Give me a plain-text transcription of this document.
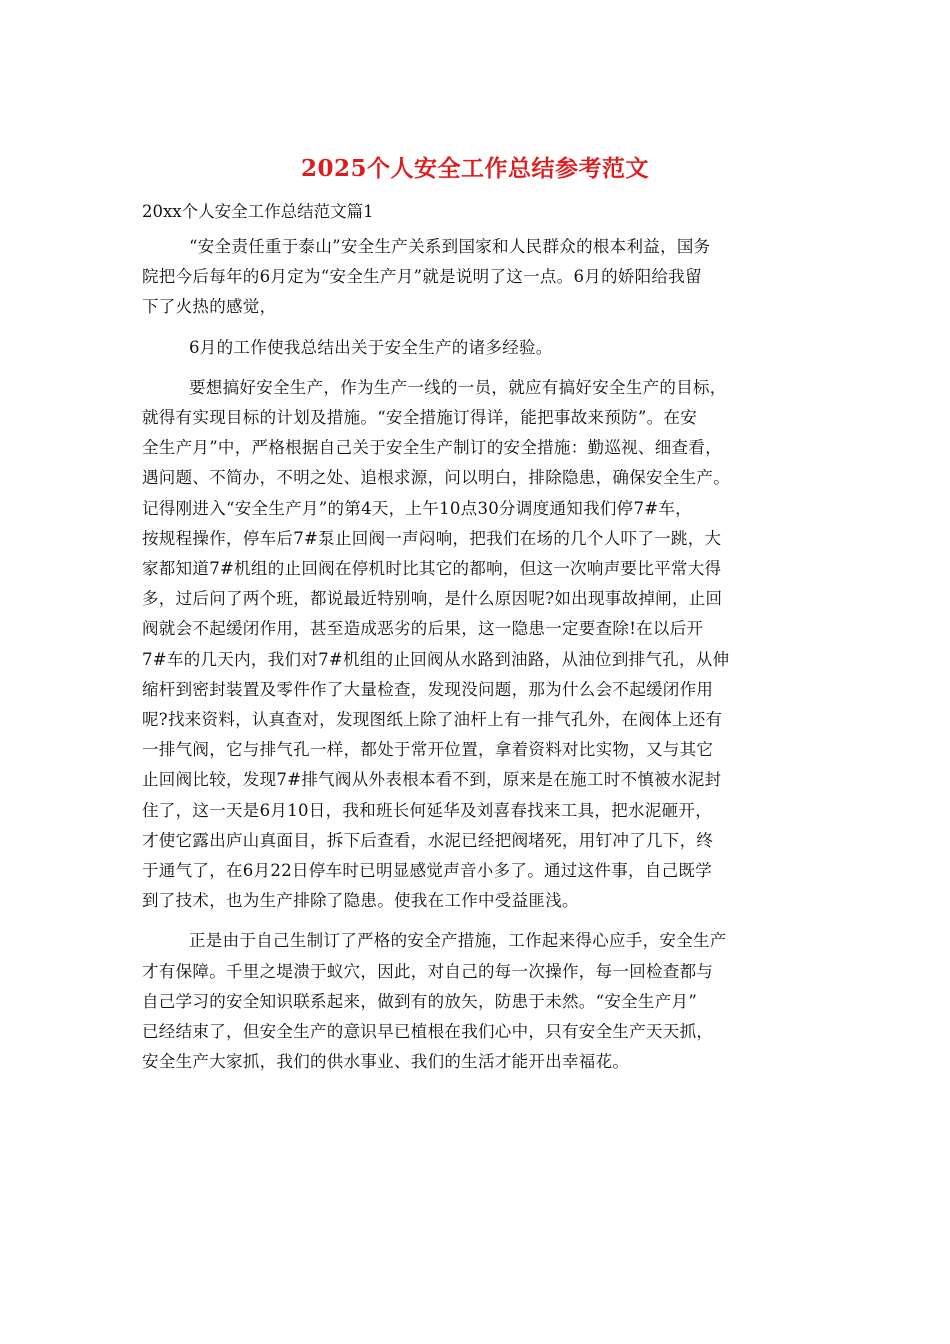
2025个人安全工作总结参考范文

20xx个人安全工作总结范文篇1

“安全责任重于泰山”安全生产关系到国家和人民群众的根本利益，国务
院把今后每年的6月定为“安全生产月”就是说明了这一点。6月的娇阳给我留
下了火热的感觉，

6月的工作使我总结出关于安全生产的诸多经验。

要想搞好安全生产，作为生产一线的一员，就应有搞好安全生产的目标，
就得有实现目标的计划及措施。“安全措施订得详，能把事故来预防”。在安
全生产月”中，严格根据自己关于安全生产制订的安全措施：勤巡视、细查看，
遇问题、不简办，不明之处、追根求源，问以明白，排除隐患，确保安全生产。
记得刚进入“安全生产月”的第4天，上午10点30分调度通知我们停7#车，
按规程操作，停车后7#泵止回阀一声闷响，把我们在场的几个人吓了一跳，大
家都知道7#机组的止回阀在停机时比其它的都响，但这一次响声要比平常大得
多，过后问了两个班，都说最近特别响，是什么原因呢?如出现事故掉闸，止回
阀就会不起缓闭作用，甚至造成恶劣的后果，这一隐患一定要查除!在以后开
7#车的几天内，我们对7#机组的止回阀从水路到油路，从油位到排气孔，从伸
缩杆到密封装置及零件作了大量检查，发现没问题，那为什么会不起缓闭作用
呢?找来资料，认真查对，发现图纸上除了油杆上有一排气孔外，在阀体上还有
一排气阀，它与排气孔一样，都处于常开位置，拿着资料对比实物，又与其它
止回阀比较，发现7#排气阀从外表根本看不到，原来是在施工时不慎被水泥封
住了，这一天是6月10日，我和班长何延华及刘喜春找来工具，把水泥砸开，
才使它露出庐山真面目，拆下后查看，水泥已经把阀堵死，用钉冲了几下，终
于通气了，在6月22日停车时已明显感觉声音小多了。通过这件事，自己既学
到了技术，也为生产排除了隐患。使我在工作中受益匪浅。

正是由于自己生制订了严格的安全产措施，工作起来得心应手，安全生产
才有保障。千里之堤溃于蚁穴，因此，对自己的每一次操作，每一回检查都与
自己学习的安全知识联系起来，做到有的放矢，防患于未然。“安全生产月”
已经结束了，但安全生产的意识早已植根在我们心中，只有安全生产天天抓，
安全生产大家抓，我们的供水事业、我们的生活才能开出幸福花。
